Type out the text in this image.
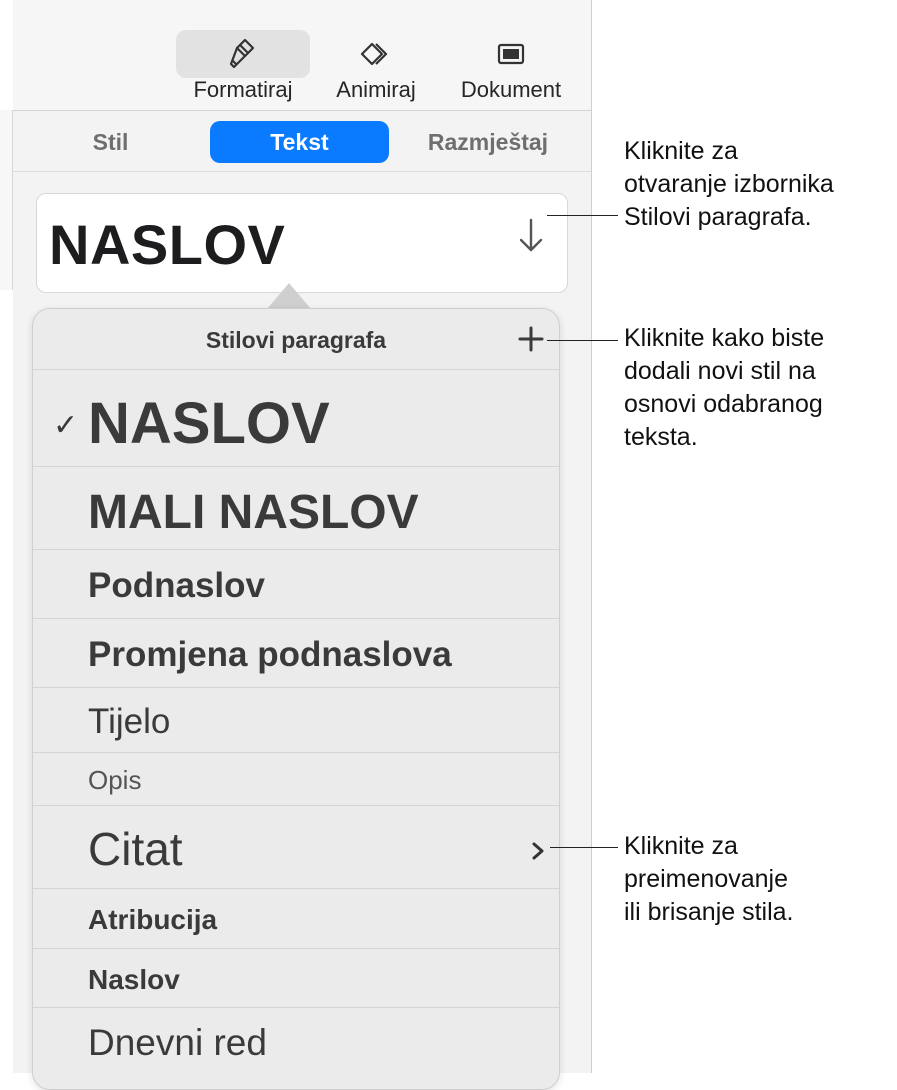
Formatiraj	Animiraj	Dokument
Stil	Tekst	Razmještaj
NASLOV
Stilovi paragrafa
✓ NASLOV
MALI NASLOV
Podnaslov
Promjena podnaslova
Tijelo
Opis
Citat
Atribucija
Naslov
Dnevni red
Kliknite za
otvaranje izbornika
Stilovi paragrafa.
Kliknite kako biste
dodali novi stil na
osnovi odabranog
teksta.
Kliknite za
preimenovanje
ili brisanje stila.
